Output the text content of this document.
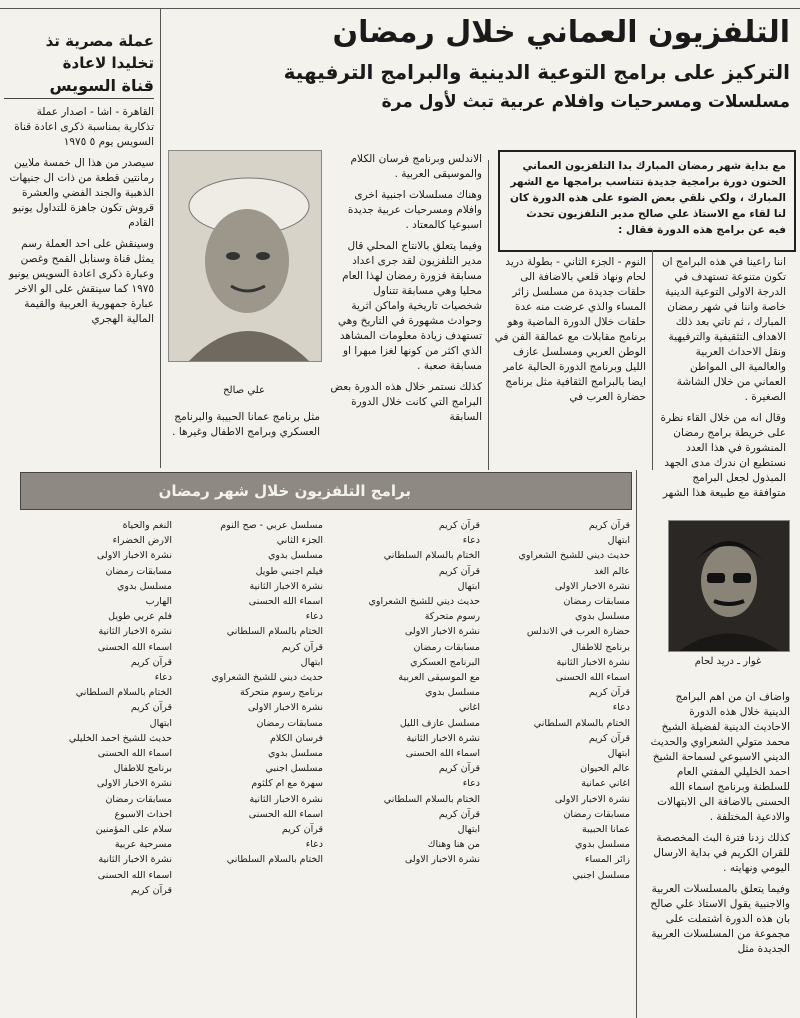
عملة مصرية تذ
تخليدا لاعادة
قناة السويس

القاهرة - اشا - اصدار عملة تذكارية بمناسبة ذكرى اعادة قناة السويس يوم ٥ ١٩٧٥

سيصدر من هذا ال خمسة ملايين رمانتين قطعة من ذات ال جنيهات الذهبية والجند الفضي والعشرة قروش تكون جاهزة للتداول يونيو القادم

وسينقش على احد العملة رسم يمثل قناة وسنابل القمح وغصن وعبارة ذكرى اعادة السويس يونيو ١٩٧٥ كما سينقش على الو الاخر عبارة جمهورية العربية والقيمة المالية الهجري

التلفزيون العماني خلال رمضان
التركيز على برامج التوعية الدينية والبرامج الترفيهية
مسلسلات ومسرحيات وافلام عربية تبث لأول مرة
مع بداية شهر رمضان المبارك بدا التلفزيون العماني الحنون دورة برامجية جديدة تتناسب برامجها مع الشهر المبارك ، ولكي نلقي بعض الضوء على هذه الدورة كان لنا لقاء مع الاستاذ علي صالح مدير التلفزيون تحدث فيه عن برامج هذه الدورة فقال :
علي صالح

اننا راعينا في هذه البرامج ان تكون متنوعة تستهدف في الدرجة الاولى التوعية الدينية خاصة واننا في شهر رمضان المبارك ، ثم تاتي بعد ذلك الاهداف التثقيفية والترفيهية ونقل الاحداث العربية والعالمية الى المواطن العماني من خلال الشاشة الصغيرة .

وقال انه من خلال القاء نظرة على خريطة برامج رمضان المنشورة في هذا العدد نستطيع ان ندرك مدى الجهد المبذول لجعل البرامج متوافقة مع طبيعة هذا الشهر

النوم - الجزء الثاني - بطولة دريد لحام ونهاد قلعي بالاضافة الى حلقات جديدة من مسلسل زائر المساء والذي عرضت منه عدة حلقات خلال الدورة الماضية وهو برنامج مقابلات مع عمالقة الفن في الوطن العربي ومسلسل عازف الليل وبرنامج الدورة الحالية عامر ايضا بالبرامج الثقافية مثل برنامج حضارة العرب في

الاندلس وبرنامج فرسان الكلام والموسيقى العربية .

وهناك مسلسلات اجنبية اخرى وافلام ومسرحيات عربية جديدة اسبوعيا كالمعتاد .

وفيما يتعلق بالانتاج المحلي قال مدير التلفزيون لقد جرى اعداد مسابقة فزورة رمضان لهذا العام محليا وهي مسابقة تتناول شخصيات تاريخية واماكن اثرية وحوادث مشهورة في التاريخ وهي تستهدف زيادة معلومات المشاهد الذي اكثر من كونها لغزا مبهرا او مسابقة صعبة .

كذلك نستمر خلال هذه الدورة بعض البرامج التي كانت خلال الدورة السابقة

مثل برنامج عمانا الحبيبة والبرنامج العسكري وبرامج الاطفال وغيرها .
برامج التلفزيون خلال شهر رمضان
قرآن كريم
ابتهال
حديث ديني للشيخ الشعراوي
عالم الغد
نشرة الاخبار الاولى
مسابقات رمضان
مسلسل بدوي
حضارة العرب في الاندلس
برنامج للاطفال
نشرة الاخبار الثانية
اسماء الله الحسنى
قرآن كريم
دعاء
الختام بالسلام السلطاني
قرآن كريم
ابتهال
عالم الحيوان
اغاني عمانية
نشرة الاخبار الاولى
مسابقات رمضان
عمانا الحبيبة
مسلسل بدوي
زائر المساء
مسلسل اجنبي
قرآن كريم
دعاء
الختام بالسلام السلطاني
قرآن كريم
ابتهال
حديث ديني للشيخ الشعراوي
رسوم متحركة
نشرة الاخبار الاولى
مسابقات رمضان
البرنامج العسكري
مع الموسيقى العربية
مسلسل بدوي
اغاني
مسلسل عازف الليل
نشرة الاخبار الثانية
اسماء الله الحسنى
قرآن كريم
دعاء
الختام بالسلام السلطاني
قرآن كريم
ابتهال
من هنا وهناك
نشرة الاخبار الاولى
مسلسل عربي - صح النوم
الجزء الثاني
مسلسل بدوي
فيلم اجنبي طويل
نشرة الاخبار الثانية
اسماء الله الحسنى
دعاء
الختام بالسلام السلطاني
قرآن كريم
ابتهال
حديث ديني للشيخ الشعراوي
برنامج رسوم متحركة
نشرة الاخبار الاولى
مسابقات رمضان
فرسان الكلام
مسلسل بدوي
مسلسل اجنبي
سهرة مع ام كلثوم
نشرة الاخبار الثانية
اسماء الله الحسنى
قرآن كريم
دعاء
الختام بالسلام السلطاني
النغم والحياة
الارض الخضراء
نشرة الاخبار الاولى
مسابقات رمضان
مسلسل بدوي
الهارب
فلم عربي طويل
نشرة الاخبار الثانية
اسماء الله الحسنى
قرآن كريم
دعاء
الختام بالسلام السلطاني
قرآن كريم
ابتهال
حديث للشيخ احمد الخليلي
اسماء الله الحسنى
برنامج للاطفال
نشرة الاخبار الاولى
مسابقات رمضان
احداث الاسبوع
سلام على المؤمنين
مسرحية عربية
نشرة الاخبار الثانية
اسماء الله الحسنى
قرآن كريم
غوار ـ دريد لحام

واضاف ان من اهم البرامج الدينية خلال هذه الدورة الاحاديث الدينية لفضيلة الشيخ محمد متولي الشعراوي والحديث الديني الاسبوعي لسماحة الشيخ احمد الخليلي المفتي العام للسلطنة وبرنامج اسماء الله الحسنى بالاضافة الى الابتهالات والادعية المختلفة .

كذلك زدنا فترة البث المخصصة للقران الكريم في بداية الارسال اليومي ونهايته .

وفيما يتعلق بالمسلسلات العربية والاجنبية يقول الاستاذ علي صالح بان هذه الدورة اشتملت على مجموعة من المسلسلات العربية الجديدة مثل
